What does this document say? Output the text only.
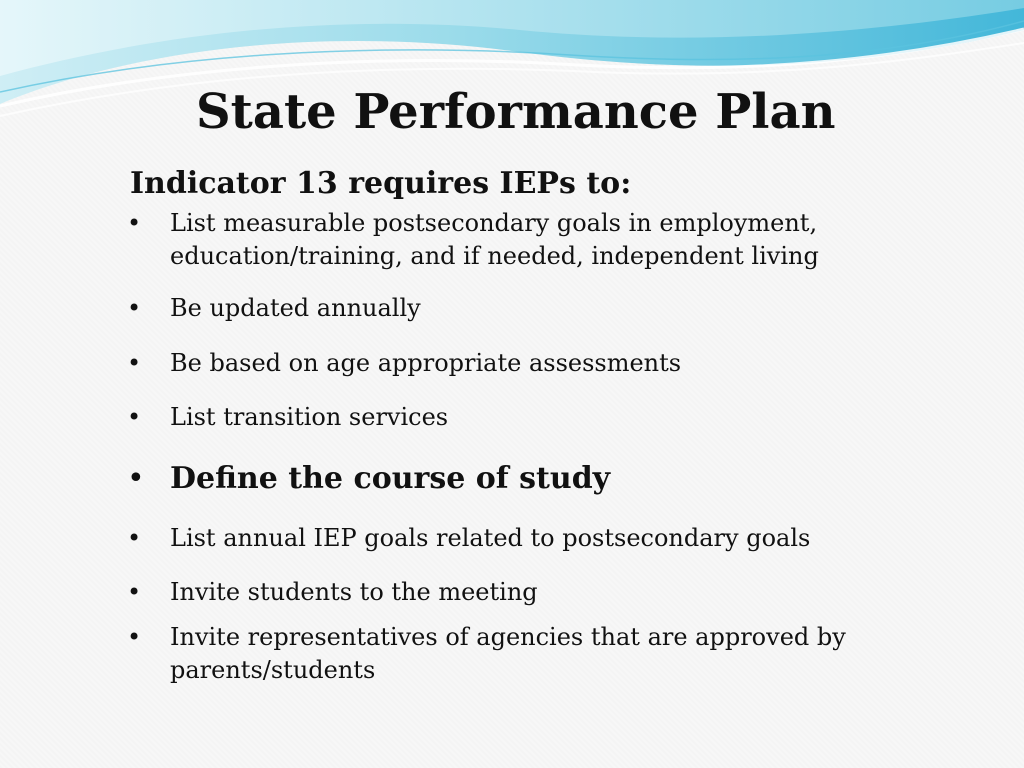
State Performance Plan
Indicator 13 requires IEPs to:
•	List measurable postsecondary goals in employment,
education/training, and if needed, independent living
•	Be updated annually
•	Be based on age appropriate assessments
•	List transition services
• Define the course of study
•	List annual IEP goals related to postsecondary goals
•	Invite students to the meeting
•	Invite representatives of agencies that are approved by
parents/students
